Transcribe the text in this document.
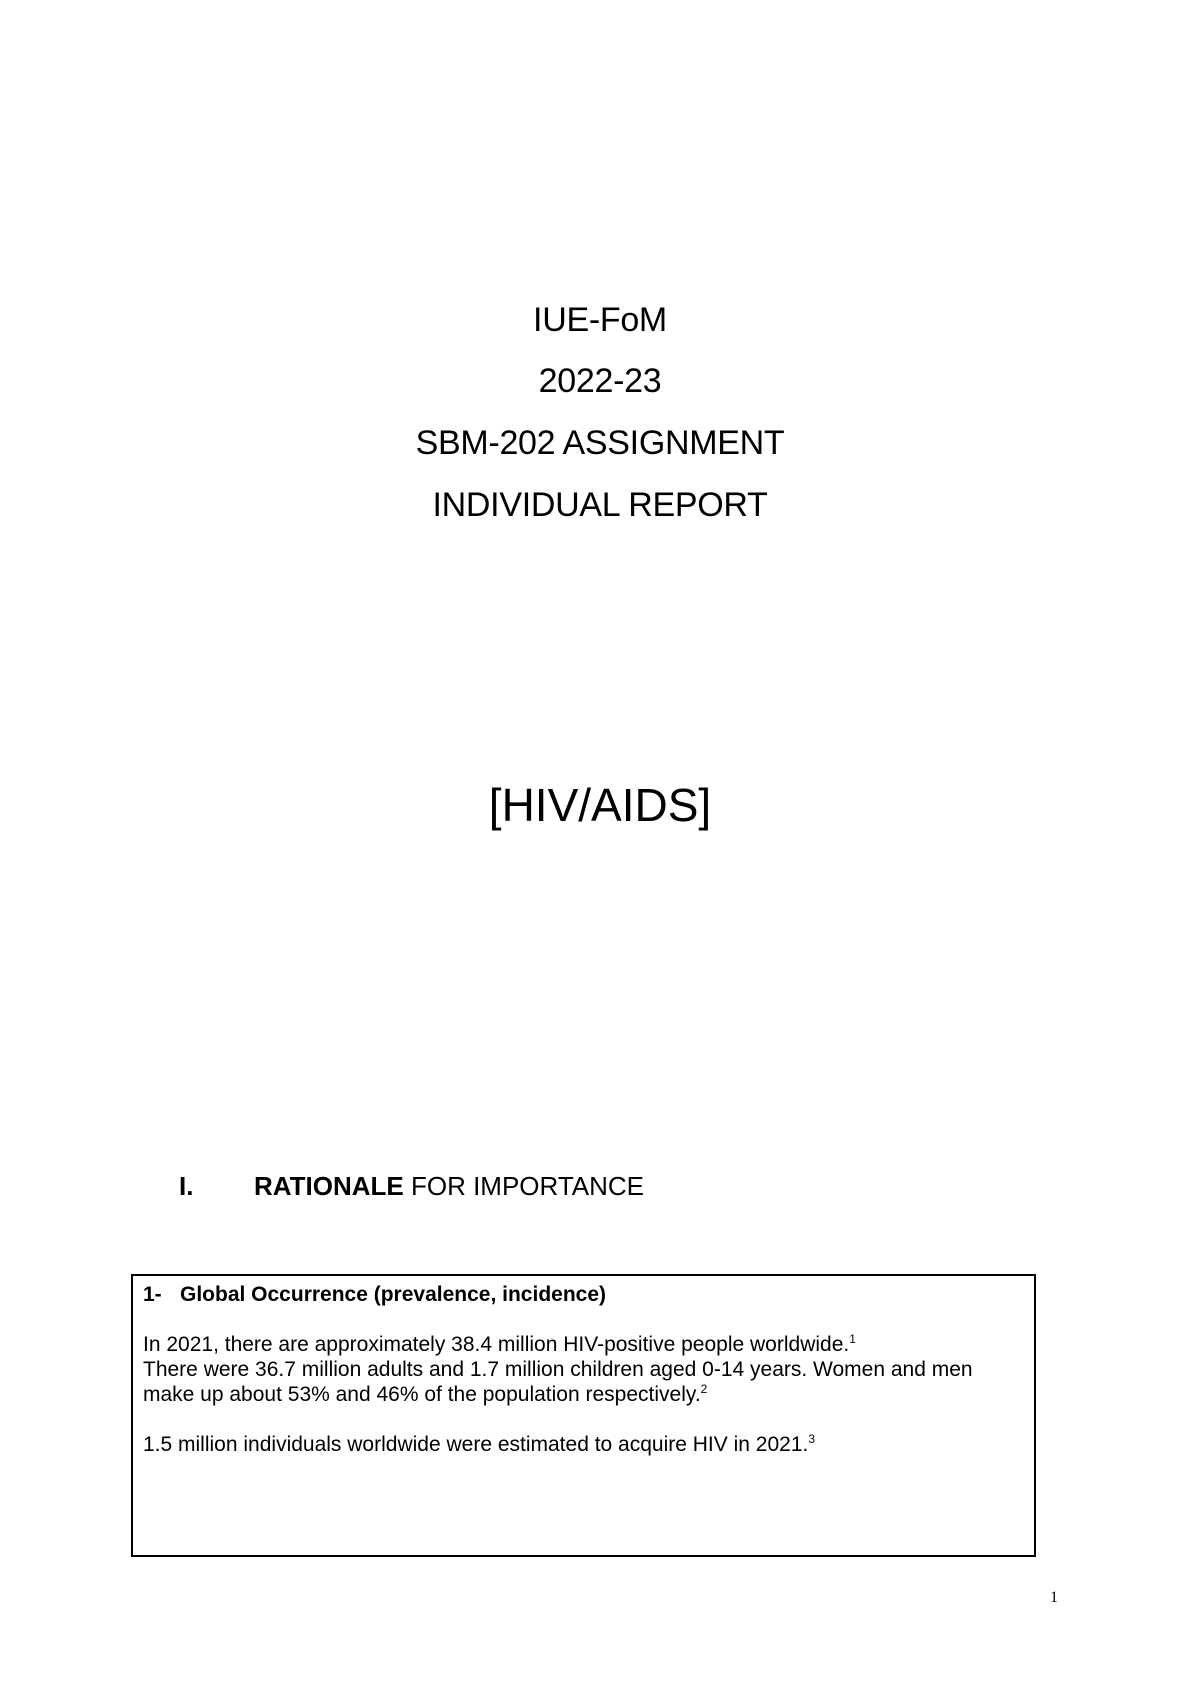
IUE-FoM
2022-23
SBM-202 ASSIGNMENT
INDIVIDUAL REPORT
[HIV/AIDS]
I. RATIONALE FOR IMPORTANCE
1- Global Occurrence (prevalence, incidence)

In 2021, there are approximately 38.4 million HIV-positive people worldwide.$^1$

There were 36.7 million adults and 1.7 million children aged 0-14 years. Women and men make up about 53% and 46% of the population respectively.$^2$

1.5 million individuals worldwide were estimated to acquire HIV in 2021.$^3$

1
